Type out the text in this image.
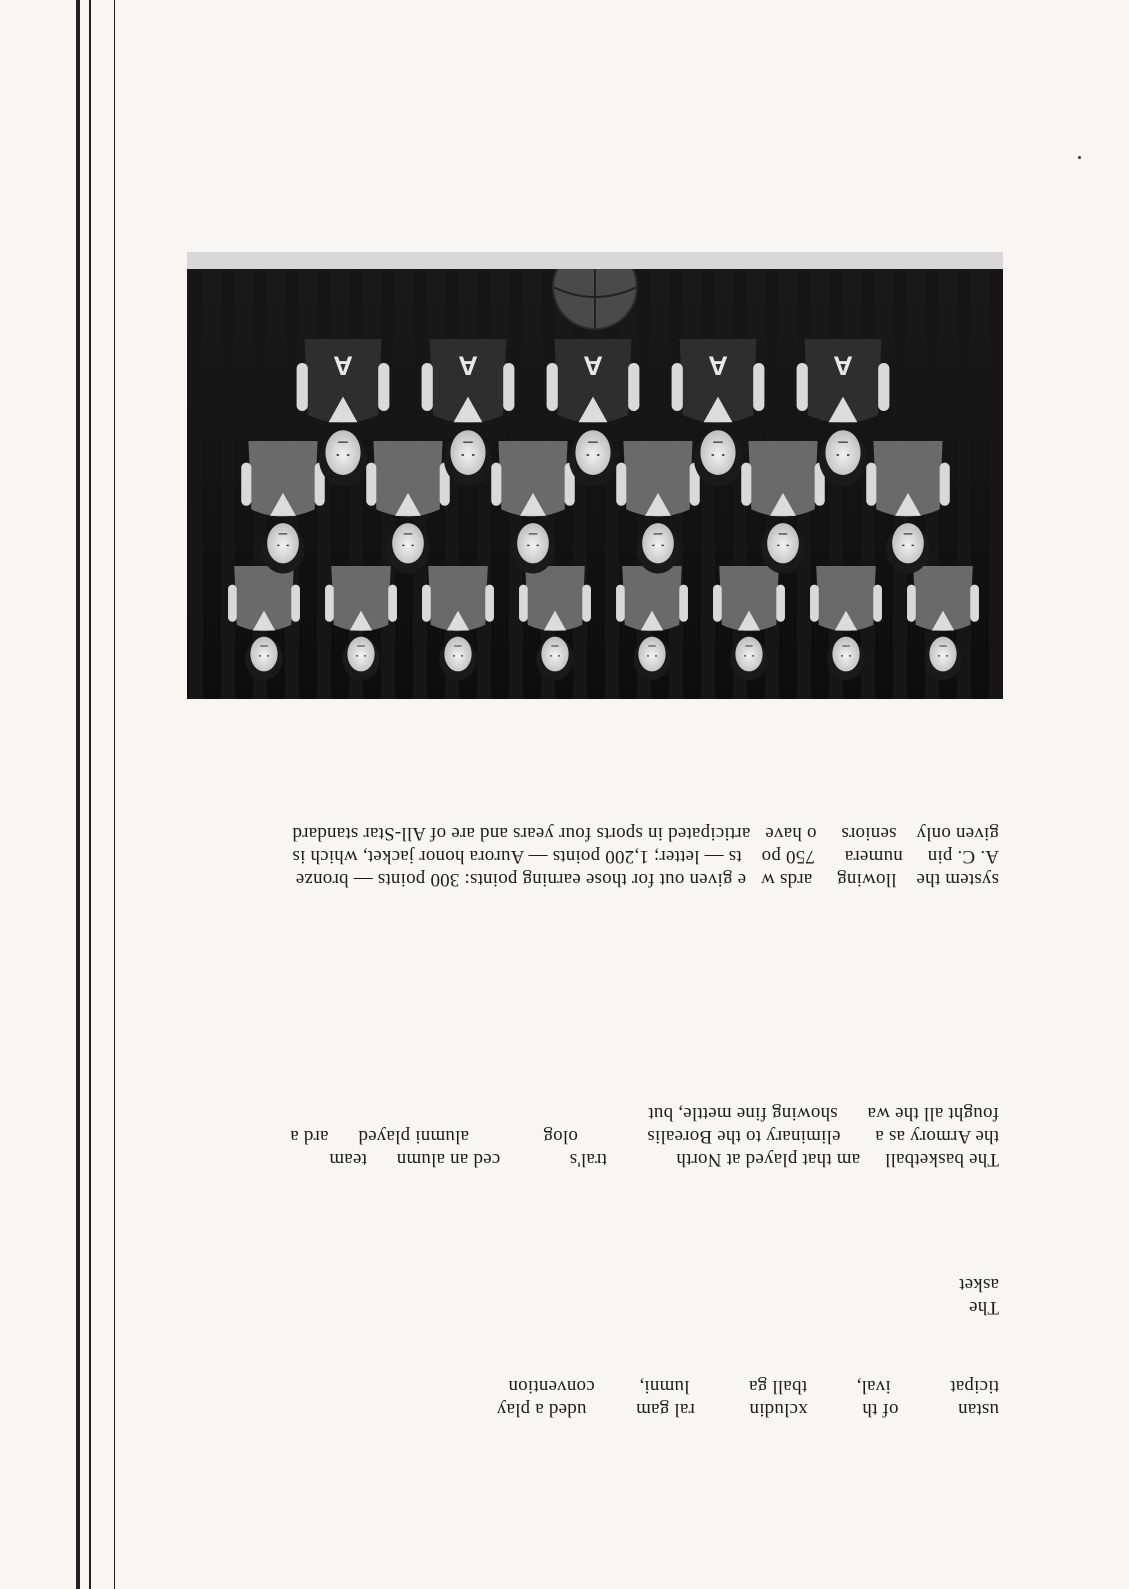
system the    llowing     ards w   e given out for those earning points: 300 points — bronze
A. C. pin     numera      750 po    ts — letter; 1,200 points — Aurora honor jacket, which is
given only    seniors     o have   articipated in sports four years and are of All-Star standard
The basketball     am that played at North              tral's              ced an alumn      team
the Armory as a       eliminary to the Borealis              olog               alumni played      ard a
fought all the wa      showing fine mettle, but
The
asket
ustan            of th           xcludin           ral gam          uded a play
ticipat            ival,          tball ga            lumni,         convention
A
A
A
A
A
